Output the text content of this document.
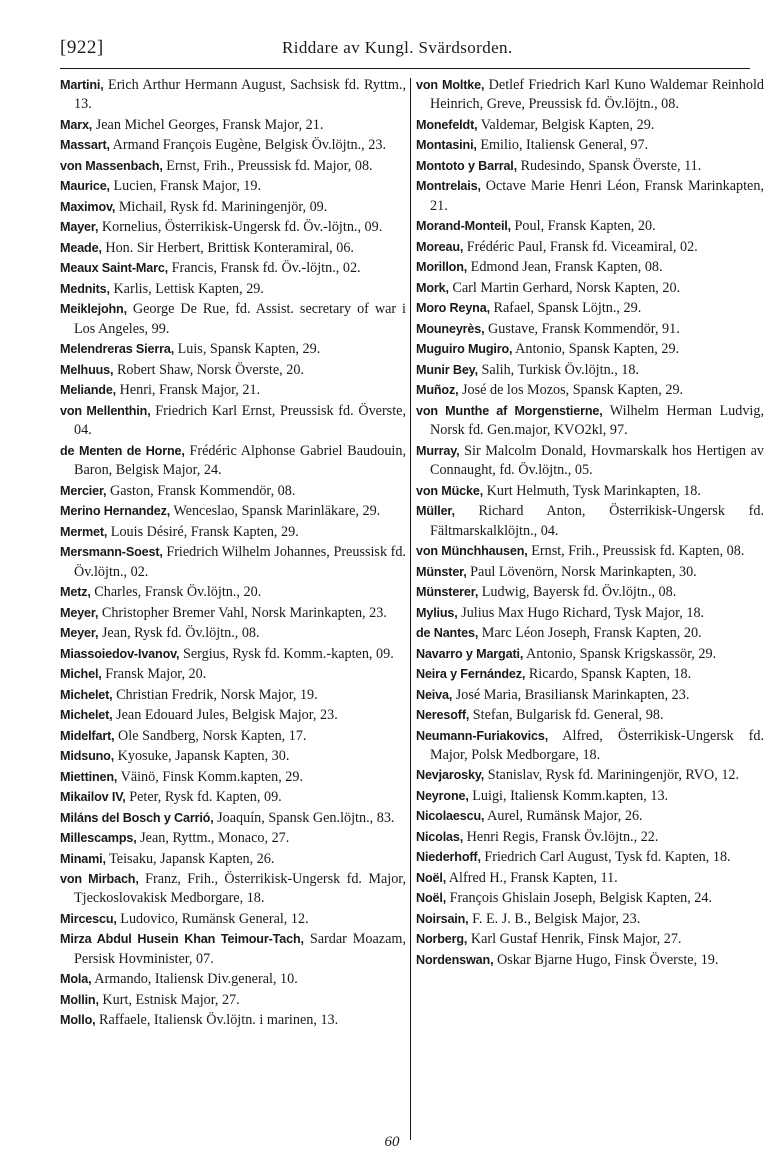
[922]	Riddare av Kungl. Svärdsorden.

Martini, Erich Arthur Hermann August, Sachsisk fd. Ryttm., 13.

Marx, Jean Michel Georges, Fransk Major, 21.

Massart, Armand François Eugène, Belgisk Öv.löjtn., 23.

von Massenbach, Ernst, Frih., Preussisk fd. Major, 08.

Maurice, Lucien, Fransk Major, 19.

Maximov, Michail, Rysk fd. Mariningenjör, 09.

Mayer, Kornelius, Österrikisk-Ungersk fd. Öv.-löjtn., 09.

Meade, Hon. Sir Herbert, Brittisk Konteramiral, 06.

Meaux Saint-Marc, Francis, Fransk fd. Öv.-löjtn., 02.

Mednits, Karlis, Lettisk Kapten, 29.

Meiklejohn, George De Rue, fd. Assist. secretary of war i Los Angeles, 99.

Melendreras Sierra, Luis, Spansk Kapten, 29.

Melhuus, Robert Shaw, Norsk Överste, 20.

Meliande, Henri, Fransk Major, 21.

von Mellenthin, Friedrich Karl Ernst, Preussisk fd. Överste, 04.

de Menten de Horne, Frédéric Alphonse Gabriel Baudouin, Baron, Belgisk Major, 24.

Mercier, Gaston, Fransk Kommendör, 08.

Merino Hernandez, Wenceslao, Spansk Marinläkare, 29.

Mermet, Louis Désiré, Fransk Kapten, 29.

Mersmann-Soest, Friedrich Wilhelm Johannes, Preussisk fd. Öv.löjtn., 02.

Metz, Charles, Fransk Öv.löjtn., 20.

Meyer, Christopher Bremer Vahl, Norsk Marinkapten, 23.

Meyer, Jean, Rysk fd. Öv.löjtn., 08.

Miassoiedov-Ivanov, Sergius, Rysk fd. Komm.-kapten, 09.

Michel, Fransk Major, 20.

Michelet, Christian Fredrik, Norsk Major, 19.

Michelet, Jean Edouard Jules, Belgisk Major, 23.

Midelfart, Ole Sandberg, Norsk Kapten, 17.

Midsuno, Kyosuke, Japansk Kapten, 30.

Miettinen, Väinö, Finsk Komm.kapten, 29.

Mikailov IV, Peter, Rysk fd. Kapten, 09.

Miláns del Bosch y Carrió, Joaquín, Spansk Gen.löjtn., 83.

Millescamps, Jean, Ryttm., Monaco, 27.

Minami, Teisaku, Japansk Kapten, 26.

von Mirbach, Franz, Frih., Österrikisk-Ungersk fd. Major, Tjeckoslovakisk Medborgare, 18.

Mircescu, Ludovico, Rumänsk General, 12.

Mirza Abdul Husein Khan Teimour-Tach, Sardar Moazam, Persisk Hovminister, 07.

Mola, Armando, Italiensk Div.general, 10.

Mollin, Kurt, Estnisk Major, 27.

Mollo, Raffaele, Italiensk Öv.löjtn. i marinen, 13.

von Moltke, Detlef Friedrich Karl Kuno Waldemar Reinhold Heinrich, Greve, Preussisk fd. Öv.löjtn., 08.

Monefeldt, Valdemar, Belgisk Kapten, 29.

Montasini, Emilio, Italiensk General, 97.

Montoto y Barral, Rudesindo, Spansk Överste, 11.

Montrelais, Octave Marie Henri Léon, Fransk Marinkapten, 21.

Morand-Monteil, Poul, Fransk Kapten, 20.

Moreau, Frédéric Paul, Fransk fd. Viceamiral, 02.

Morillon, Edmond Jean, Fransk Kapten, 08.

Mork, Carl Martin Gerhard, Norsk Kapten, 20.

Moro Reyna, Rafael, Spansk Löjtn., 29.

Mouneyrès, Gustave, Fransk Kommendör, 91.

Muguiro Mugiro, Antonio, Spansk Kapten, 29.

Munir Bey, Salih, Turkisk Öv.löjtn., 18.

Muñoz, José de los Mozos, Spansk Kapten, 29.

von Munthe af Morgenstierne, Wilhelm Herman Ludvig, Norsk fd. Gen.major, KVO2kl, 97.

Murray, Sir Malcolm Donald, Hovmarskalk hos Hertigen av Connaught, fd. Öv.löjtn., 05.

von Mücke, Kurt Helmuth, Tysk Marinkapten, 18.

Müller, Richard Anton, Österrikisk-Ungersk fd. Fältmarskalklöjtn., 04.

von Münchhausen, Ernst, Frih., Preussisk fd. Kapten, 08.

Münster, Paul Lövenörn, Norsk Marinkapten, 30.

Münsterer, Ludwig, Bayersk fd. Öv.löjtn., 08.

Mylius, Julius Max Hugo Richard, Tysk Major, 18.

de Nantes, Marc Léon Joseph, Fransk Kapten, 20.

Navarro y Margati, Antonio, Spansk Krigskassör, 29.

Neira y Fernández, Ricardo, Spansk Kapten, 18.

Neiva, José Maria, Brasiliansk Marinkapten, 23.

Neresoff, Stefan, Bulgarisk fd. General, 98.

Neumann-Furiakovics, Alfred, Österrikisk-Ungersk fd. Major, Polsk Medborgare, 18.

Nevjarosky, Stanislav, Rysk fd. Mariningenjör, RVO, 12.

Neyrone, Luigi, Italiensk Komm.kapten, 13.

Nicolaescu, Aurel, Rumänsk Major, 26.

Nicolas, Henri Regis, Fransk Öv.löjtn., 22.

Niederhoff, Friedrich Carl August, Tysk fd. Kapten, 18.

Noël, Alfred H., Fransk Kapten, 11.

Noël, François Ghislain Joseph, Belgisk Kapten, 24.

Noirsain, F. E. J. B., Belgisk Major, 23.

Norberg, Karl Gustaf Henrik, Finsk Major, 27.

Nordenswan, Oskar Bjarne Hugo, Finsk Överste, 19.

60
